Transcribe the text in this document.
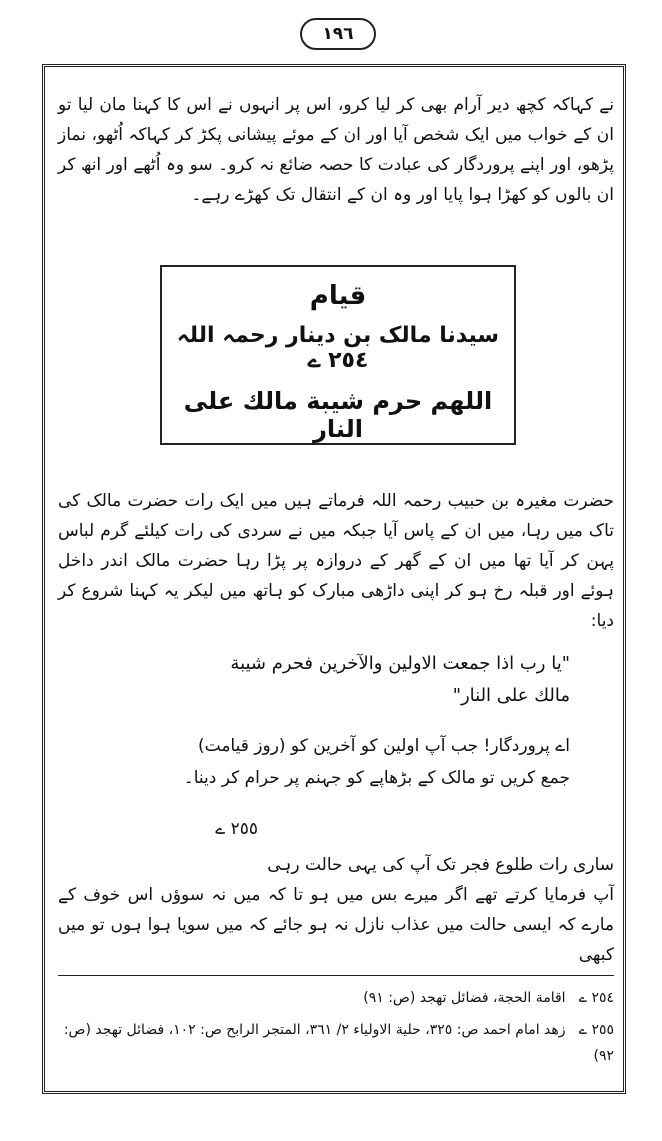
١٩٦
نے کہاکہ کچھ دیر آرام بھی کر لیا کرو، اس پر انہوں نے اس کا کہنا مان لیا تو ان کے خواب میں ایک شخص آیا اور ان کے موئے پیشانی پکڑ کر کہاکہ اُٹھو، نماز پڑھو، اور اپنے پروردگار کی عبادت کا حصہ ضائع نہ کرو۔ سو وہ اُٹھے اور انھ کر ان بالوں کو کھڑا ہوا پایا اور وہ ان کے انتقال تک کھڑے رہے۔
قیام
سیدنا مالک بن دینار رحمہ اللہ ٢٥٤ ے
اللهم حرم شيبة مالك على النار
حضرت مغیرہ بن حبیب رحمہ اللہ فرماتے ہیں میں ایک رات حضرت مالک کی تاک میں رہا، میں ان کے پاس آیا جبکہ میں نے سردی کی رات کیلئے گرم لباس پہن کر آیا تھا میں ان کے گھر کے دروازہ پر پڑا رہا حضرت مالک اندر داخل ہوئے اور قبلہ رخ ہو کر اپنی داڑھی مبارک کو ہاتھ میں لیکر یہ کہنا شروع کر دیا:
"یا رب اذا جمعت الاولین والآخرین فحرم شیبة
مالك على النار"
اے پروردگار! جب آپ اولین کو آخرین کو (روز قیامت)
جمع کریں تو مالک کے بڑھاپے کو جہنم پر حرام کر دینا۔
٢٥٥ ے
ساری رات طلوع فجر تک آپ کی یہی حالت رہی
آپ فرمایا کرتے تھے اگر میرے بس میں ہو تا کہ میں نہ سوؤں اس خوف کے مارے کہ ایسی حالت میں عذاب نازل نہ ہو جائے کہ میں سویا ہوا ہوں تو میں کبھی
٢٥٤ ے اقامة الحجة، فضائل تهجد (ص: ٩١)
٢٥٥ ے زهد امام احمد ص: ٣٢٥، حلية الاولياء ٢/ ٣٦١، المتجر الرابح ص: ١٠٢، فضائل تهجد (ص: ٩٢)
